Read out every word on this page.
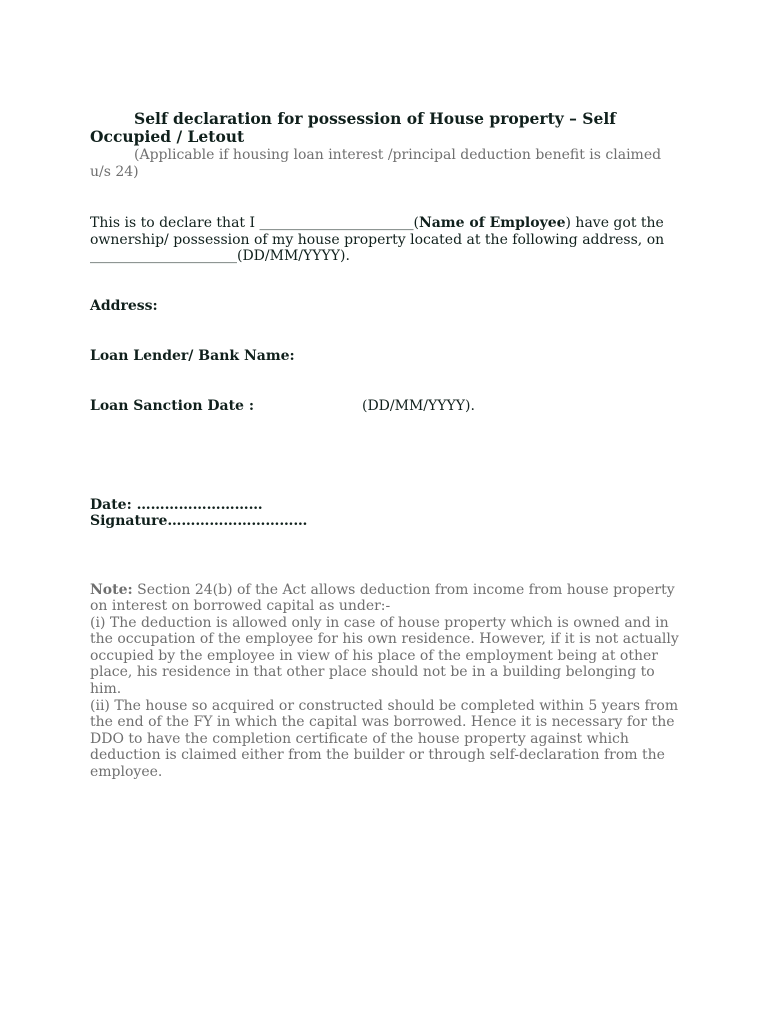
Self declaration for possession of House property – Self Occupied / Letout

(Applicable if housing loan interest /principal deduction benefit is claimed u/s 24)

This is to declare that I ______________________(Name of Employee) have got the ownership/ possession of my house property located at the following address, on _____________________(DD/MM/YYYY).

Address:

Loan Lender/ Bank Name:

Loan Sanction Date :	(DD/MM/YYYY).

Date: ………………………
Signature…………………………

Note: Section 24(b) of the Act allows deduction from income from house property on interest on borrowed capital as under:-

(i) The deduction is allowed only in case of house property which is owned and in the occupation of the employee for his own residence. However, if it is not actually occupied by the employee in view of his place of the employment being at other place, his residence in that other place should not be in a building belonging to him.

(ii) The house so acquired or constructed should be completed within 5 years from the end of the FY in which the capital was borrowed. Hence it is necessary for the DDO to have the completion certificate of the house property against which deduction is claimed either from the builder or through self-declaration from the employee.
